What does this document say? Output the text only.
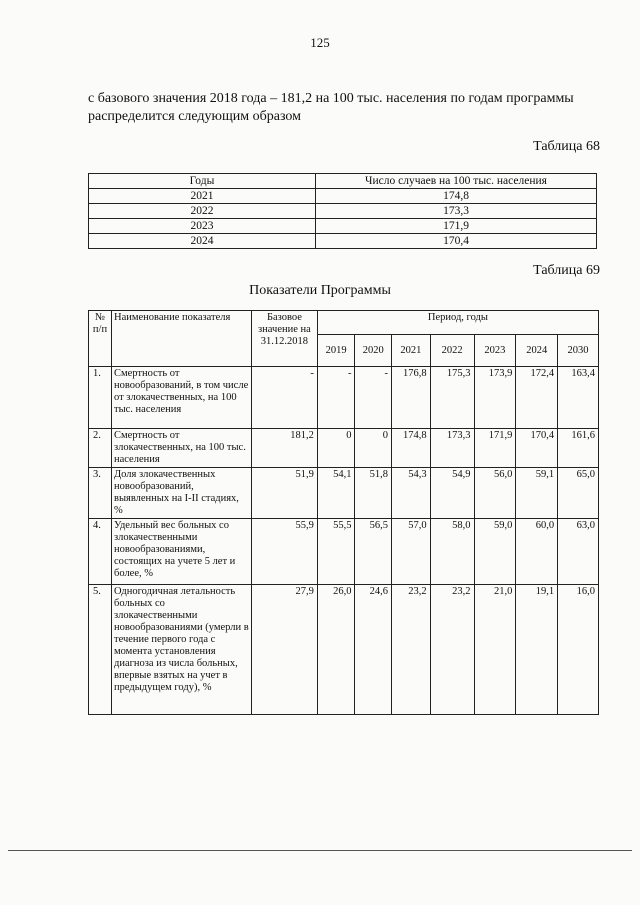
125
с базового значения 2018 года – 181,2 на 100 тыс. населения по годам программы распределится следующим образом
Таблица 68
Годы	Число случаев на 100 тыс. населения
2021	174,8
2022	173,3
2023	171,9
2024	170,4
Таблица 69
Показатели Программы
№ п/п	Наименование показателя	Базовое значение на 31.12.2018	Период, годы						
			2019	2020	2021	2022	2023	2024	2030
1.	Смертность от новообразований, в том числе от злокачественных, на 100 тыс. населения	-	-	-	176,8	175,3	173,9	172,4	163,4
2.	Смертность от злокачественных, на 100 тыс. населения	181,2	0	0	174,8	173,3	171,9	170,4	161,6
3.	Доля злокачественных новообразований, выявленных на I-II стадиях, %	51,9	54,1	51,8	54,3	54,9	56,0	59,1	65,0
4.	Удельный вес больных со злокачественными новообразованиями, состоящих на учете 5 лет и более, %	55,9	55,5	56,5	57,0	58,0	59,0	60,0	63,0
5.	Одногодичная летальность больных со злокачественными новообразованиями (умерли в течение первого года с момента установления диагноза из числа больных, впервые взятых на учет в предыдущем году), %	27,9	26,0	24,6	23,2	23,2	21,0	19,1	16,0
